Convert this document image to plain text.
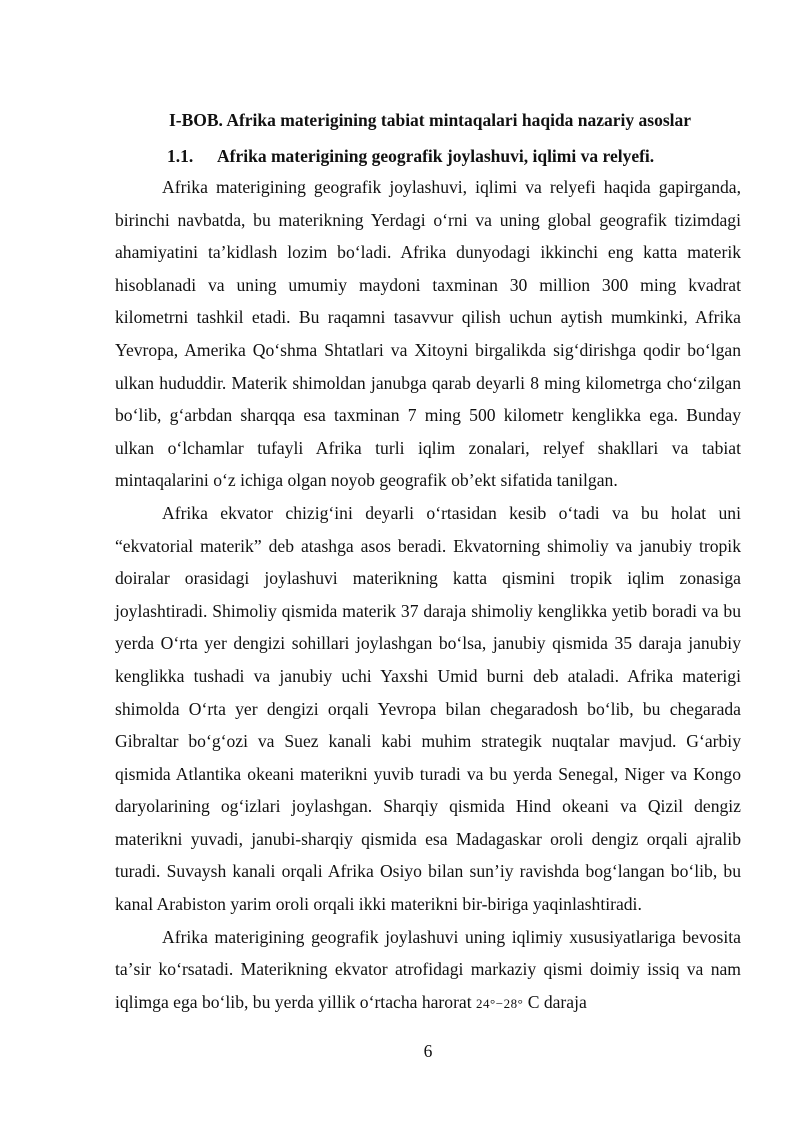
I-BOB. Afrika materigining tabiat mintaqalari haqida nazariy asoslar
1.1. Afrika materigining geografik joylashuvi, iqlimi va relyefi.

Afrika materigining geografik joylashuvi, iqlimi va relyefi haqida gapirganda, birinchi navbatda, bu materikning Yerdagi oʻrni va uning global geografik tizimdagi ahamiyatini taʼkidlash lozim boʻladi. Afrika dunyodagi ikkinchi eng katta materik hisoblanadi va uning umumiy maydoni taxminan 30 million 300 ming kvadrat kilometrni tashkil etadi. Bu raqamni tasavvur qilish uchun aytish mumkinki, Afrika Yevropa, Amerika Qoʻshma Shtatlari va Xitoyni birgalikda sigʻdirishga qodir boʻlgan ulkan hududdir. Materik shimoldan janubga qarab deyarli 8 ming kilometrga choʻzilgan boʻlib, gʻarbdan sharqqa esa taxminan 7 ming 500 kilometr kenglikka ega. Bunday ulkan oʻlchamlar tufayli Afrika turli iqlim zonalari, relyef shakllari va tabiat mintaqalarini oʻz ichiga olgan noyob geografik obʼekt sifatida tanilgan.

Afrika ekvator chizigʻini deyarli oʻrtasidan kesib oʻtadi va bu holat uni “ekvatorial materik” deb atashga asos beradi. Ekvatorning shimoliy va janubiy tropik doiralar orasidagi joylashuvi materikning katta qismini tropik iqlim zonasiga joylashtiradi. Shimoliy qismida materik 37 daraja shimoliy kenglikka yetib boradi va bu yerda Oʻrta yer dengizi sohillari joylashgan boʻlsa, janubiy qismida 35 daraja janubiy kenglikka tushadi va janubiy uchi Yaxshi Umid burni deb ataladi. Afrika materigi shimolda Oʻrta yer dengizi orqali Yevropa bilan chegaradosh boʻlib, bu chegarada Gibraltar boʻgʻozi va Suez kanali kabi muhim strategik nuqtalar mavjud. Gʻarbiy qismida Atlantika okeani materikni yuvib turadi va bu yerda Senegal, Niger va Kongo daryolarining ogʻizlari joylashgan. Sharqiy qismida Hind okeani va Qizil dengiz materikni yuvadi, janubi-sharqiy qismida esa Madagaskar oroli dengiz orqali ajralib turadi. Suvaysh kanali orqali Afrika Osiyo bilan sunʼiy ravishda bogʻlangan boʻlib, bu kanal Arabiston yarim oroli orqali ikki materikni bir-biriga yaqinlashtiradi.

Afrika materigining geografik joylashuvi uning iqlimiy xususiyatlariga bevosita taʼsir koʻrsatadi. Materikning ekvator atrofidagi markaziy qismi doimiy issiq va nam iqlimga ega boʻlib, bu yerda yillik oʻrtacha harorat 24°−28° C daraja

6
